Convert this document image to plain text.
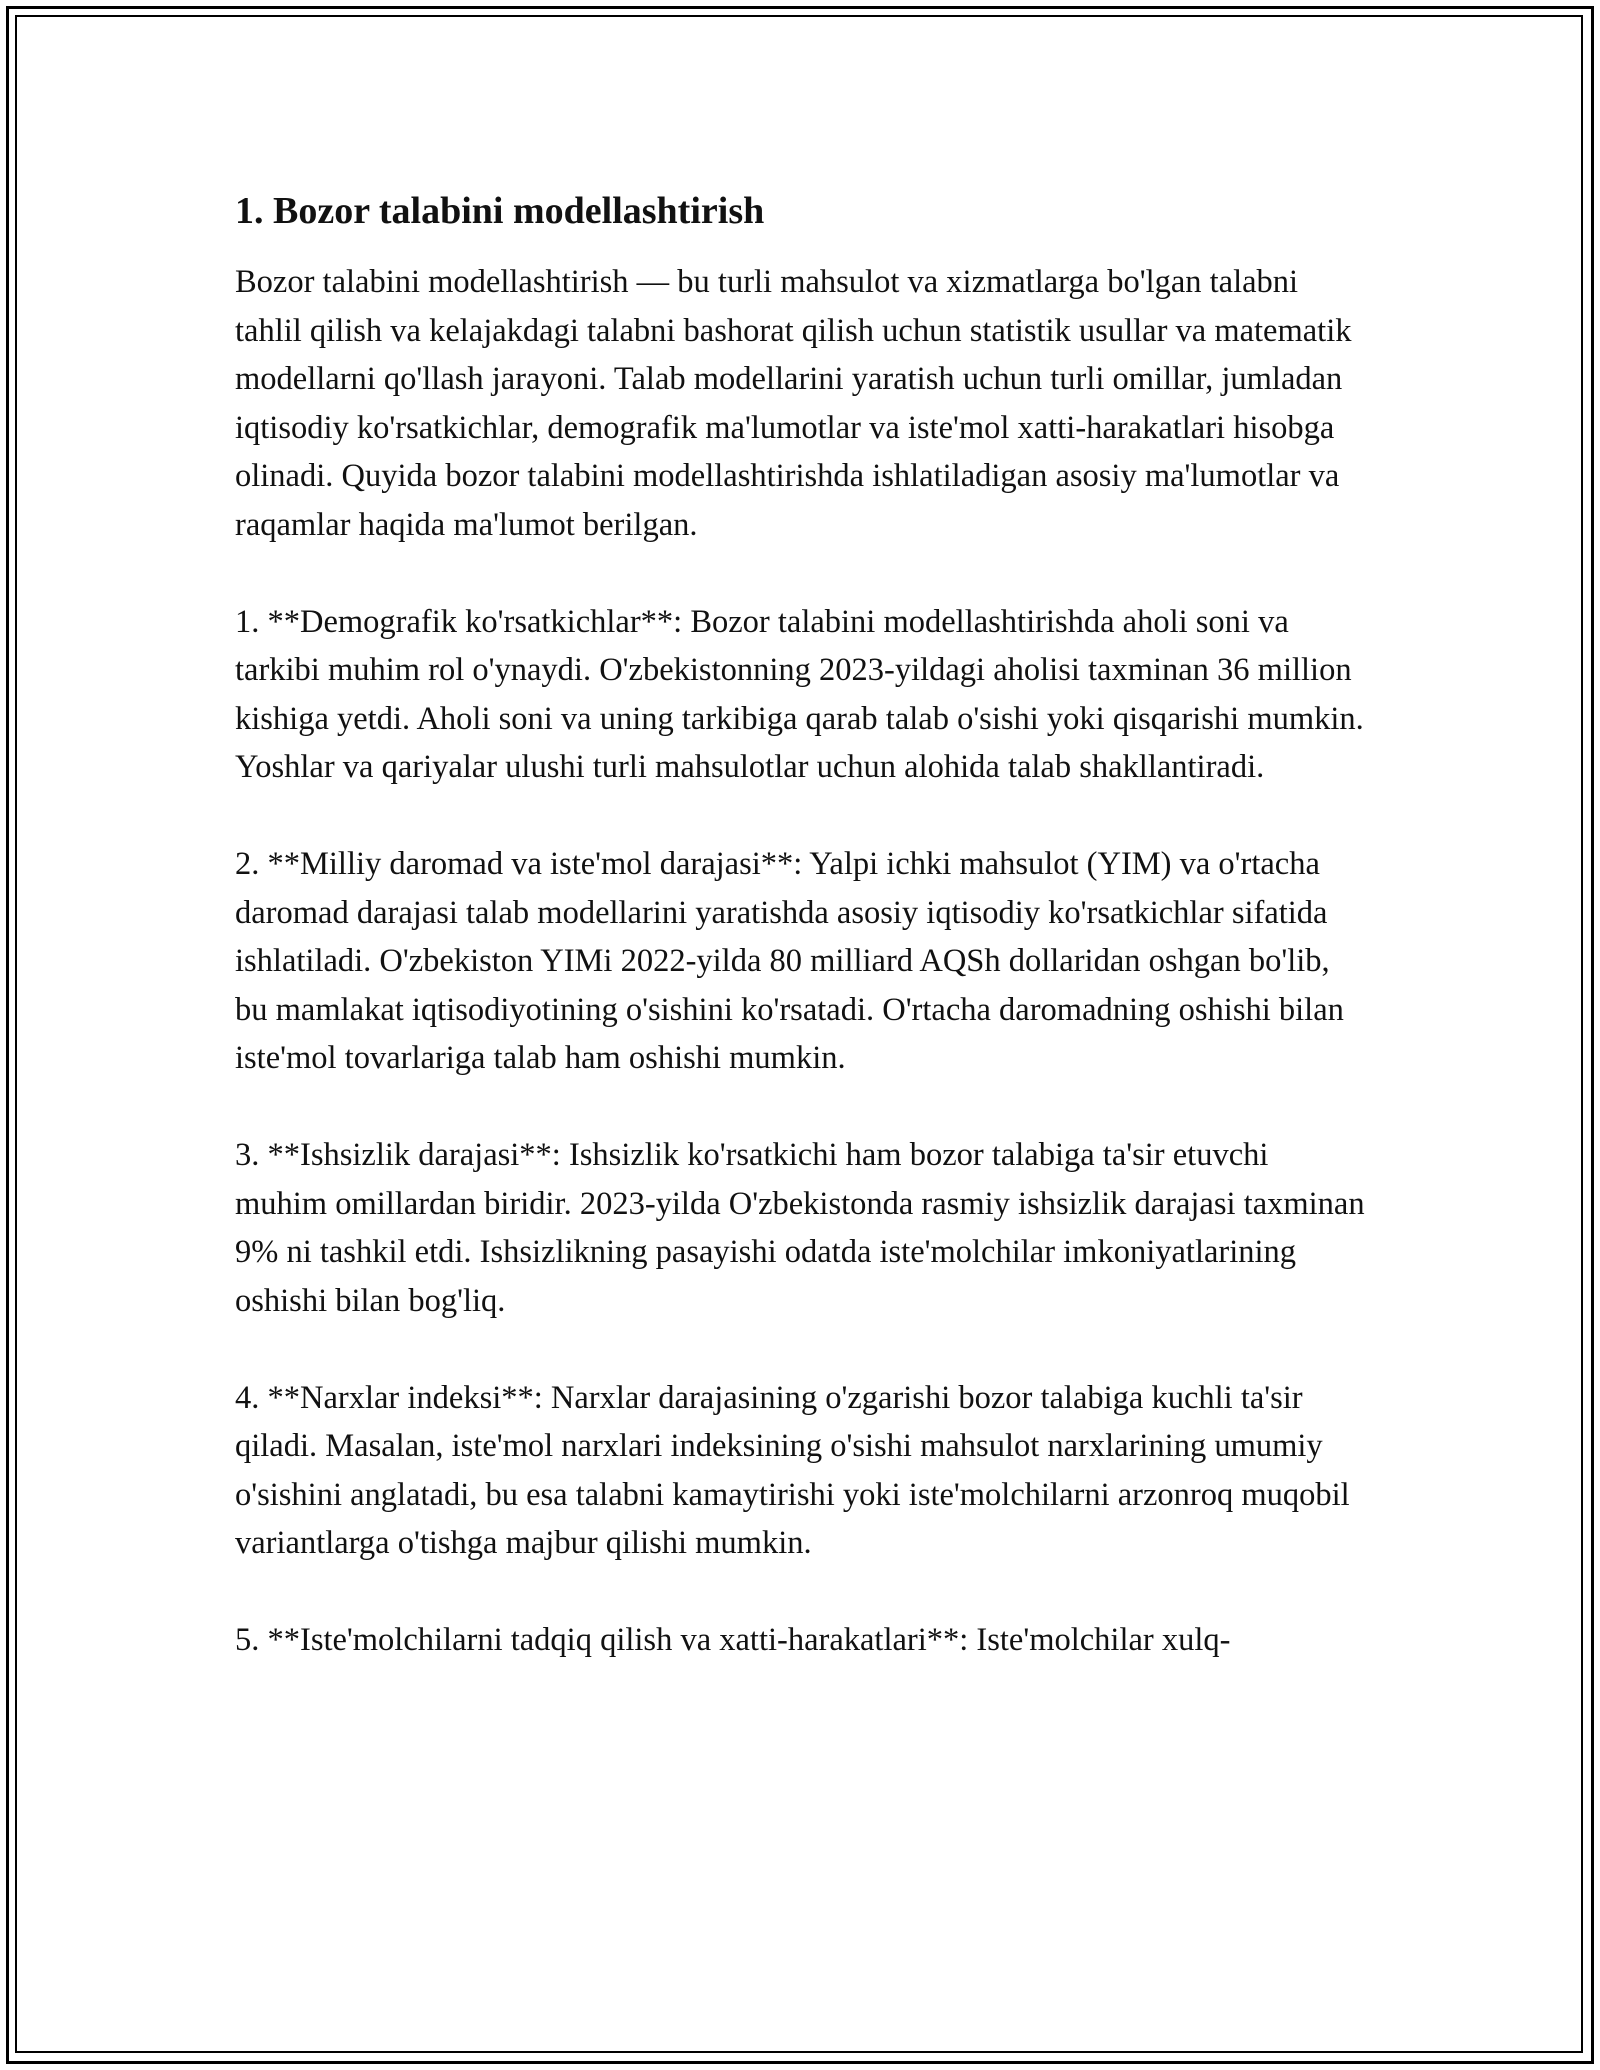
1. Bozor talabini modellashtirish

Bozor talabini modellashtirish — bu turli mahsulot va xizmatlarga bo'lgan talabni tahlil qilish va kelajakdagi talabni bashorat qilish uchun statistik usullar va matematik modellarni qo'llash jarayoni. Talab modellarini yaratish uchun turli omillar, jumladan iqtisodiy ko'rsatkichlar, demografik ma'lumotlar va iste'mol xatti-harakatlari hisobga olinadi. Quyida bozor talabini modellashtirishda ishlatiladigan asosiy ma'lumotlar va raqamlar haqida ma'lumot berilgan.

1. **Demografik ko'rsatkichlar**: Bozor talabini modellashtirishda aholi soni va tarkibi muhim rol o'ynaydi. O'zbekistonning 2023-yildagi aholisi taxminan 36 million kishiga yetdi. Aholi soni va uning tarkibiga qarab talab o'sishi yoki qisqarishi mumkin. Yoshlar va qariyalar ulushi turli mahsulotlar uchun alohida talab shakllantiradi.

2. **Milliy daromad va iste'mol darajasi**: Yalpi ichki mahsulot (YIM) va o'rtacha daromad darajasi talab modellarini yaratishda asosiy iqtisodiy ko'rsatkichlar sifatida ishlatiladi. O'zbekiston YIMi 2022-yilda 80 milliard AQSh dollaridan oshgan bo'lib, bu mamlakat iqtisodiyotining o'sishini ko'rsatadi. O'rtacha daromadning oshishi bilan iste'mol tovarlariga talab ham oshishi mumkin.

3. **Ishsizlik darajasi**: Ishsizlik ko'rsatkichi ham bozor talabiga ta'sir etuvchi muhim omillardan biridir. 2023-yilda O'zbekistonda rasmiy ishsizlik darajasi taxminan 9% ni tashkil etdi. Ishsizlikning pasayishi odatda iste'molchilar imkoniyatlarining oshishi bilan bog'liq.

4. **Narxlar indeksi**: Narxlar darajasining o'zgarishi bozor talabiga kuchli ta'sir qiladi. Masalan, iste'mol narxlari indeksining o'sishi mahsulot narxlarining umumiy o'sishini anglatadi, bu esa talabni kamaytirishi yoki iste'molchilarni arzonroq muqobil variantlarga o'tishga majbur qilishi mumkin.

5. **Iste'molchilarni tadqiq qilish va xatti-harakatlari**: Iste'molchilar xulq-
